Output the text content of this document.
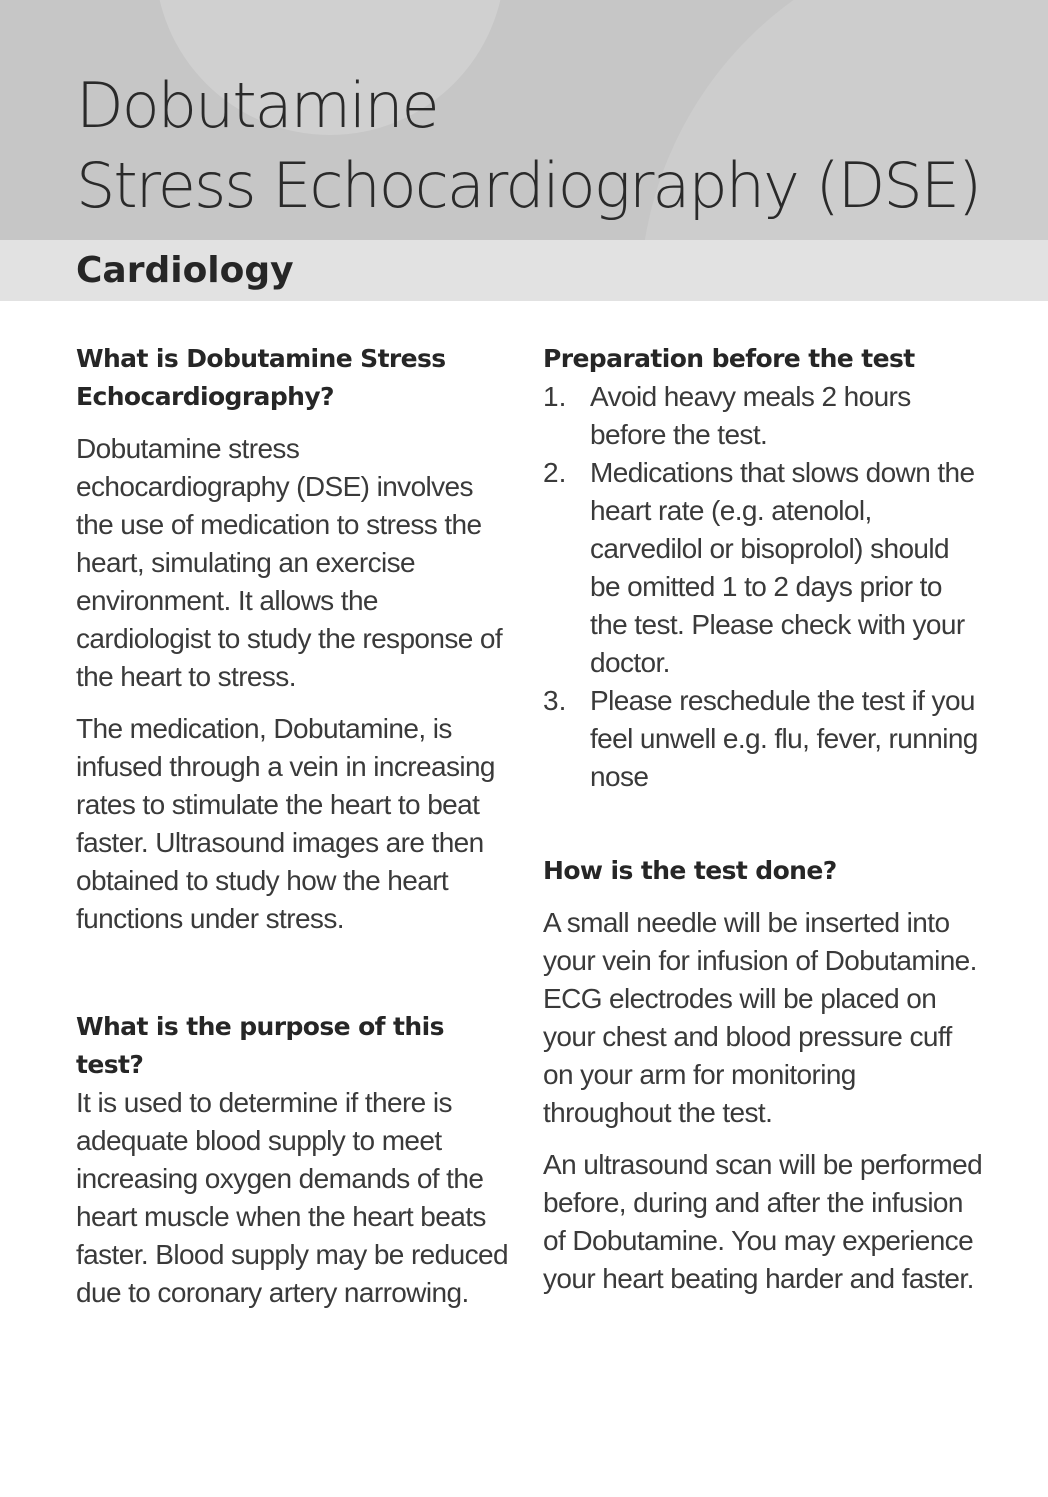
Dobutamine
Stress Echocardiography (DSE)
Cardiology
What is Dobutamine Stress
Echocardiography?

Dobutamine stress echocardiography (DSE) involves the use of medication to stress the heart, simulating an exercise environment. It allows the cardiologist to study the response of the heart to stress.

The medication, Dobutamine, is infused through a vein in increasing rates to stimulate the heart to beat faster. Ultrasound images are then obtained to study how the heart functions under stress.

What is the purpose of this test?

It is used to determine if there is adequate blood supply to meet increasing oxygen demands of the heart muscle when the heart beats faster. Blood supply may be reduced due to coronary artery narrowing.

Preparation before the test
1. Avoid heavy meals 2 hours before the test.
2. Medications that slows down the heart rate (e.g. atenolol, carvedilol or bisoprolol) should be omitted 1 to 2 days prior to the test. Please check with your doctor.
3. Please reschedule the test if you feel unwell e.g. flu, fever, running nose
How is the test done?

A small needle will be inserted into your vein for infusion of Dobutamine. ECG electrodes will be placed on your chest and blood pressure cuff on your arm for monitoring throughout the test.

An ultrasound scan will be performed before, during and after the infusion of Dobutamine. You may experience your heart beating harder and faster.
